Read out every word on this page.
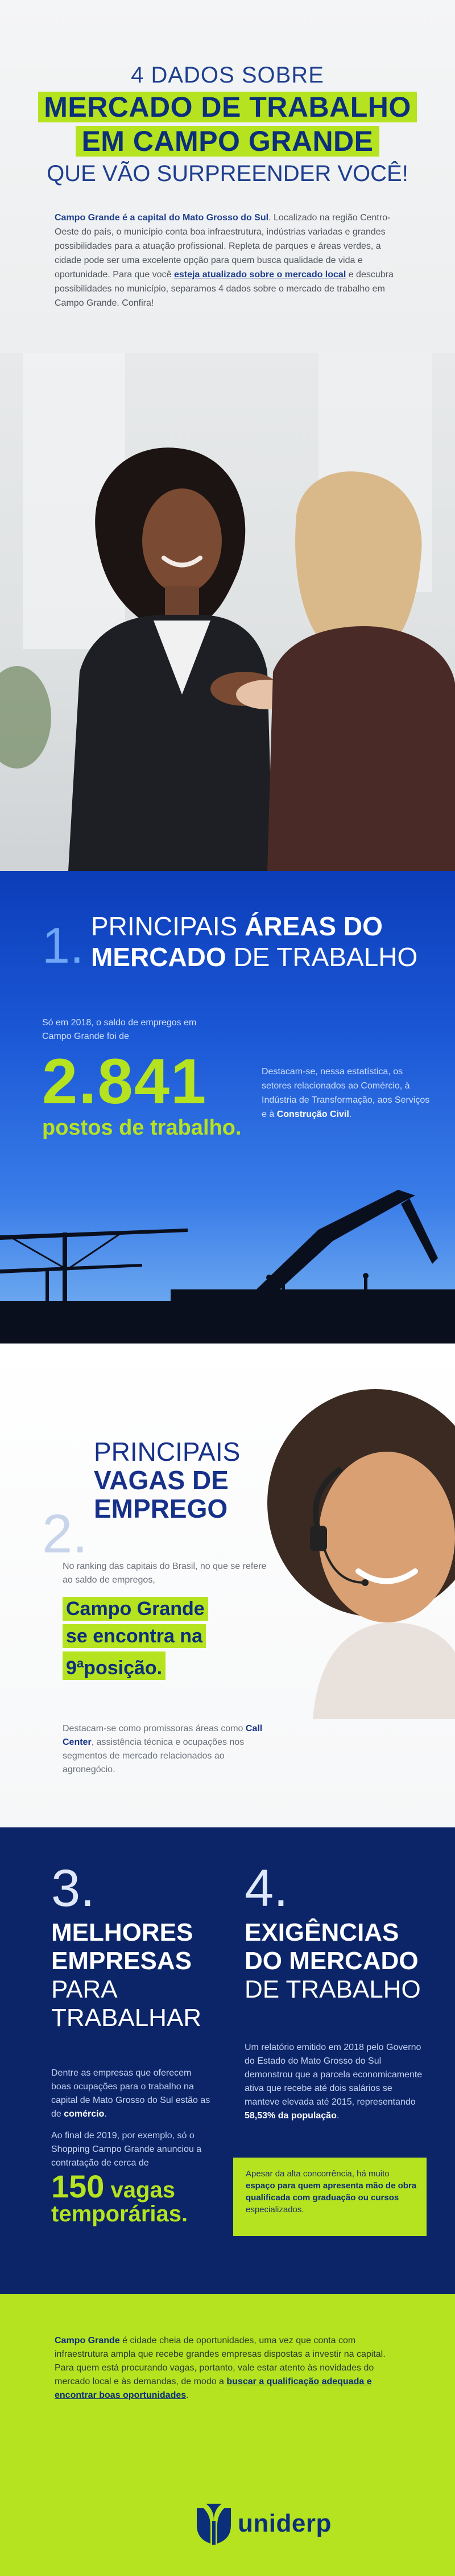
4 DADOS SOBRE
MERCADO DE TRABALHO
EM CAMPO GRANDE
QUE VÃO SURPREENDER VOCÊ!

Campo Grande é a capital do Mato Grosso do Sul. Localizado na região Centro-Oeste do país, o município conta boa infraestrutura, indústrias variadas e grandes possibilidades para a atuação profissional. Repleta de parques e áreas verdes, a cidade pode ser uma excelente opção para quem busca qualidade de vida e oportunidade. Para que você esteja atualizado sobre o mercado local e descubra possibilidades no município, separamos 4 dados sobre o mercado de trabalho em Campo Grande. Confira!

1. PRINCIPAIS ÁREAS DO
MERCADO DE TRABALHO

Só em 2018, o saldo de empregos em Campo Grande foi de

2.841
postos de trabalho.

Destacam-se, nessa estatística, os setores relacionados ao Comércio, à Indústria de Transformação, aos Serviços e à Construção Civil.

PRINCIPAIS
VAGAS DE
EMPREGO
2.

No ranking das capitais do Brasil, no que se refere ao saldo de empregos,

Campo Grande
se encontra na
9$^a$posição.

Destacam-se como promissoras áreas como Call Center, assistência técnica e ocupações nos segmentos de mercado relacionados ao agronegócio.

3.
MELHORES
EMPRESAS
PARA
TRABALHAR

Dentre as empresas que oferecem boas ocupações para o trabalho na capital de Mato Grosso do Sul estão as de comércio.

Ao final de 2019, por exemplo, só o Shopping Campo Grande anunciou a contratação de cerca de

150 vagas
temporárias.
4.
EXIGÊNCIAS
DO MERCADO
DE TRABALHO

Um relatório emitido em 2018 pelo Governo do Estado do Mato Grosso do Sul demonstrou que a parcela economicamente ativa que recebe até dois salários se manteve elevada até 2015, representando 58,53% da população.

Apesar da alta concorrência, há muito espaço para quem apresenta mão de obra qualificada com graduação ou cursos especializados.

Campo Grande é cidade cheia de oportunidades, uma vez que conta com infraestrutura ampla que recebe grandes empresas dispostas a investir na capital. Para quem está procurando vagas, portanto, vale estar atento às novidades do mercado local e às demandas, de modo a buscar a qualificação adequada e encontrar boas oportunidades.

uniderp
